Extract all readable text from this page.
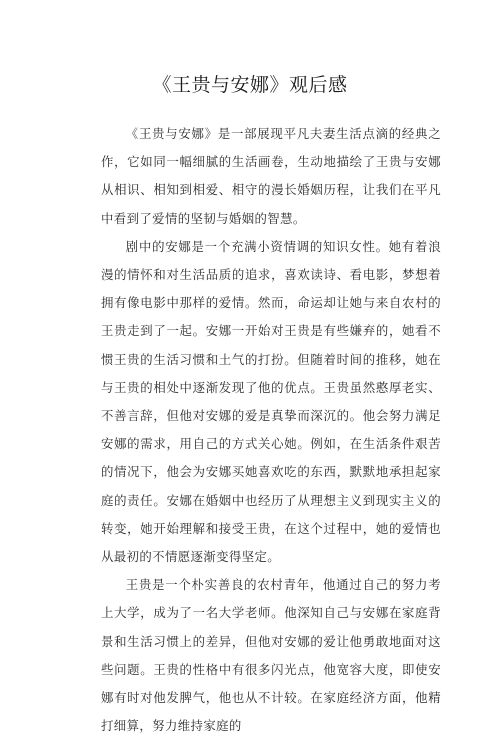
《王贵与安娜》观后感

《王贵与安娜》是一部展现平凡夫妻生活点滴的经典之作，它如同一幅细腻的生活画卷，生动地描绘了王贵与安娜从相识、相知到相爱、相守的漫长婚姻历程，让我们在平凡中看到了爱情的坚韧与婚姻的智慧。

剧中的安娜是一个充满小资情调的知识女性。她有着浪漫的情怀和对生活品质的追求，喜欢读诗、看电影，梦想着拥有像电影中那样的爱情。然而，命运却让她与来自农村的王贵走到了一起。安娜一开始对王贵是有些嫌弃的，她看不惯王贵的生活习惯和土气的打扮。但随着时间的推移，她在与王贵的相处中逐渐发现了他的优点。王贵虽然憨厚老实、不善言辞，但他对安娜的爱是真挚而深沉的。他会努力满足安娜的需求，用自己的方式关心她。例如，在生活条件艰苦的情况下，他会为安娜买她喜欢吃的东西，默默地承担起家庭的责任。安娜在婚姻中也经历了从理想主义到现实主义的转变，她开始理解和接受王贵，在这个过程中，她的爱情也从最初的不情愿逐渐变得坚定。

王贵是一个朴实善良的农村青年，他通过自己的努力考上大学，成为了一名大学老师。他深知自己与安娜在家庭背景和生活习惯上的差异，但他对安娜的爱让他勇敢地面对这些问题。王贵的性格中有很多闪光点，他宽容大度，即使安娜有时对他发脾气，他也从不计较。在家庭经济方面，他精打细算，努力维持家庭的
